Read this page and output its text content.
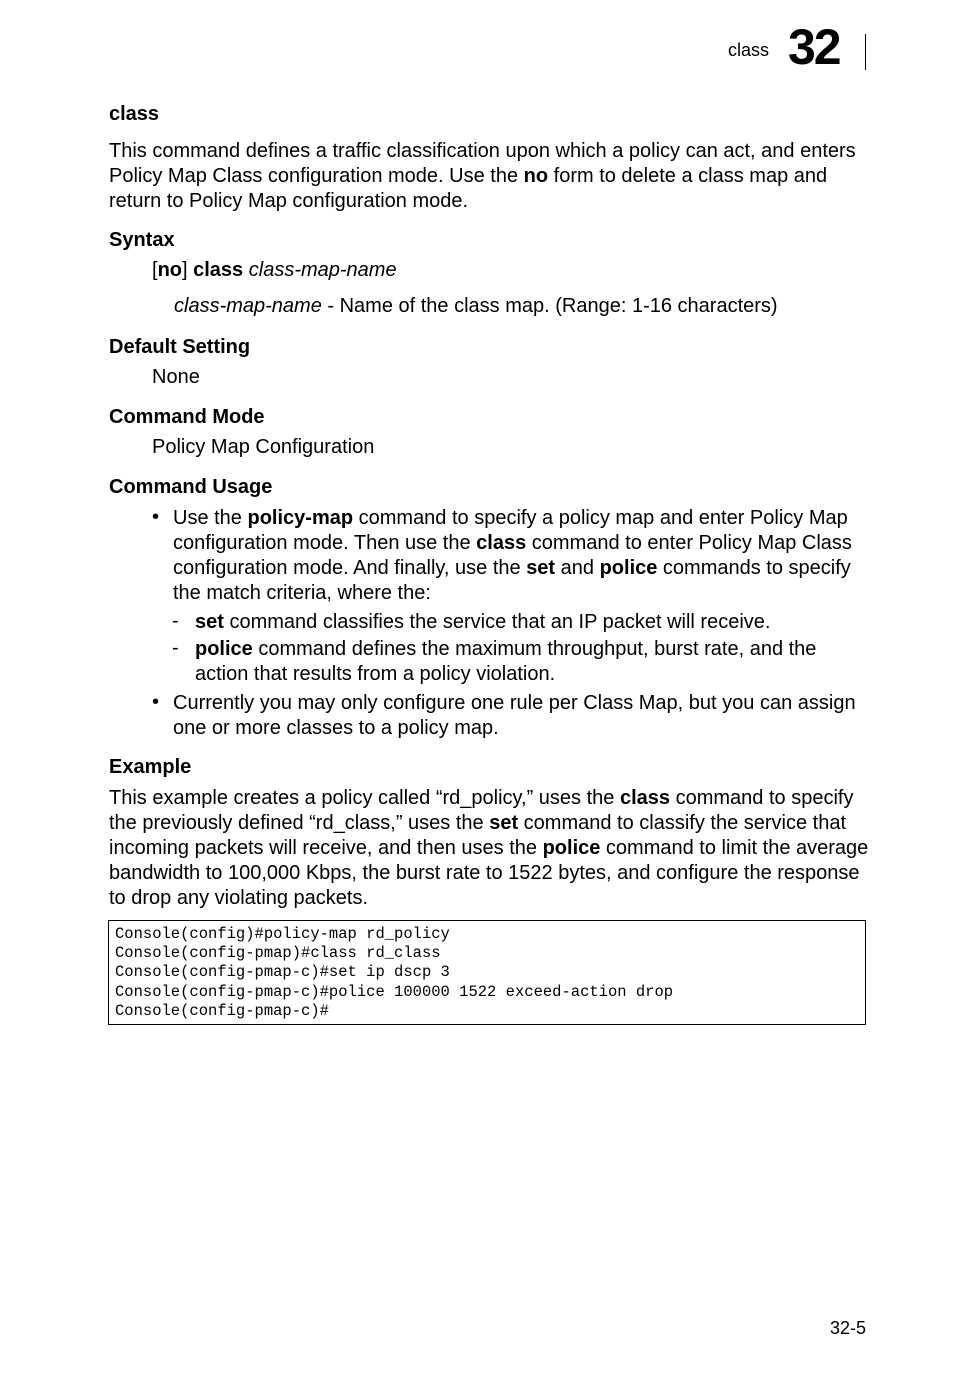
class 32
class
This command defines a traffic classification upon which a policy can act, and enters Policy Map Class configuration mode. Use the no form to delete a class map and return to Policy Map configuration mode.
Syntax
[no] class class-map-name
class-map-name - Name of the class map. (Range: 1-16 characters)
Default Setting
None
Command Mode
Policy Map Configuration
Command Usage
• Use the policy-map command to specify a policy map and enter Policy Map configuration mode. Then use the class command to enter Policy Map Class configuration mode. And finally, use the set and police commands to specify the match criteria, where the:
- set command classifies the service that an IP packet will receive.
- police command defines the maximum throughput, burst rate, and the action that results from a policy violation.
• Currently you may only configure one rule per Class Map, but you can assign one or more classes to a policy map.
Example
This example creates a policy called “rd_policy,” uses the class command to specify the previously defined “rd_class,” uses the set command to classify the service that incoming packets will receive, and then uses the police command to limit the average bandwidth to 100,000 Kbps, the burst rate to 1522 bytes, and configure the response to drop any violating packets.
Console(config)#policy-map rd_policy
Console(config-pmap)#class rd_class
Console(config-pmap-c)#set ip dscp 3
Console(config-pmap-c)#police 100000 1522 exceed-action drop
Console(config-pmap-c)#
32-5
